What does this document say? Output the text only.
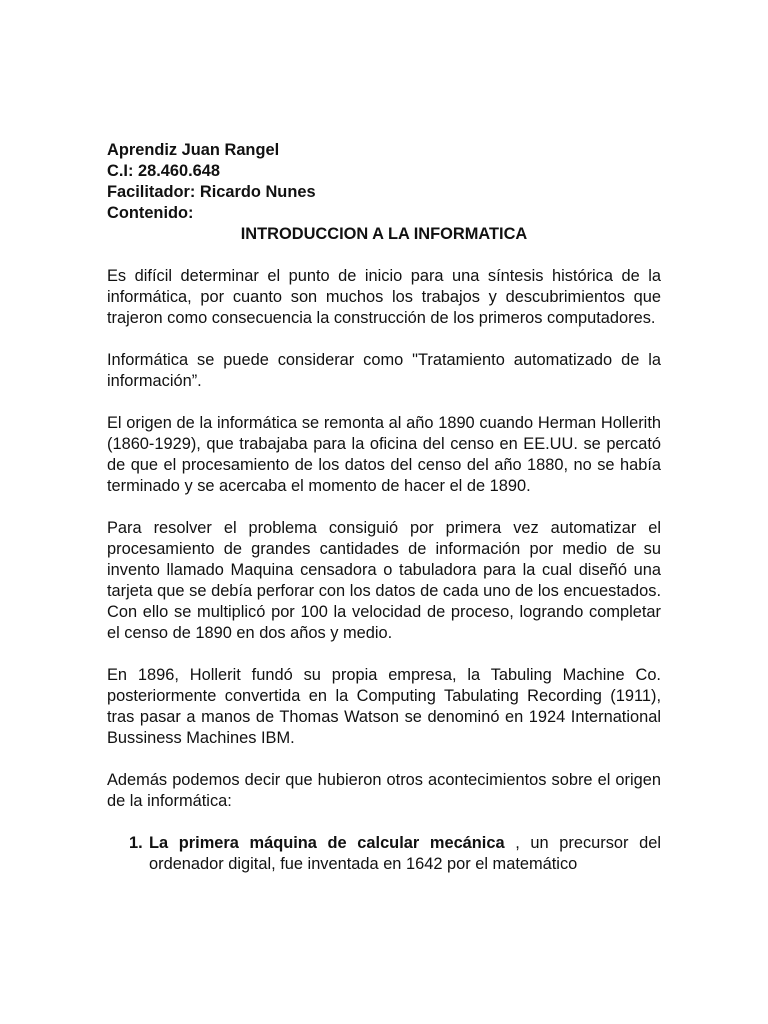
Aprendiz Juan Rangel

C.I: 28.460.648

Facilitador: Ricardo Nunes

Contenido:

INTRODUCCION A LA INFORMATICA

Es difícil determinar el punto de inicio para una síntesis histórica de la informática, por cuanto son muchos los trabajos y descubrimientos que trajeron como consecuencia la construcción de los primeros computadores.

Informática se puede considerar como "Tratamiento automatizado de la información”.

El origen de la informática se remonta al año 1890 cuando Herman Hollerith (1860-1929), que trabajaba para la oficina del censo en EE.UU. se percató de que el procesamiento de los datos del censo del año 1880, no se había terminado y se acercaba el momento de hacer el de 1890.

Para resolver el problema consiguió por primera vez automatizar el procesamiento de grandes cantidades de información por medio de su invento llamado Maquina censadora o tabuladora para la cual diseñó una tarjeta que se debía perforar con los datos de cada uno de los encuestados. Con ello se multiplicó por 100 la velocidad de proceso, logrando completar el censo de 1890 en dos años y medio.

En 1896, Hollerit fundó su propia empresa, la Tabuling Machine Co. posteriormente convertida en la Computing Tabulating Recording (1911), tras pasar a manos de Thomas Watson se denominó en 1924 International Bussiness Machines IBM.

Además podemos decir que hubieron otros acontecimientos sobre el origen de la informática:

1. La primera máquina de calcular mecánica , un precursor del ordenador digital, fue inventada en 1642 por el matemático
